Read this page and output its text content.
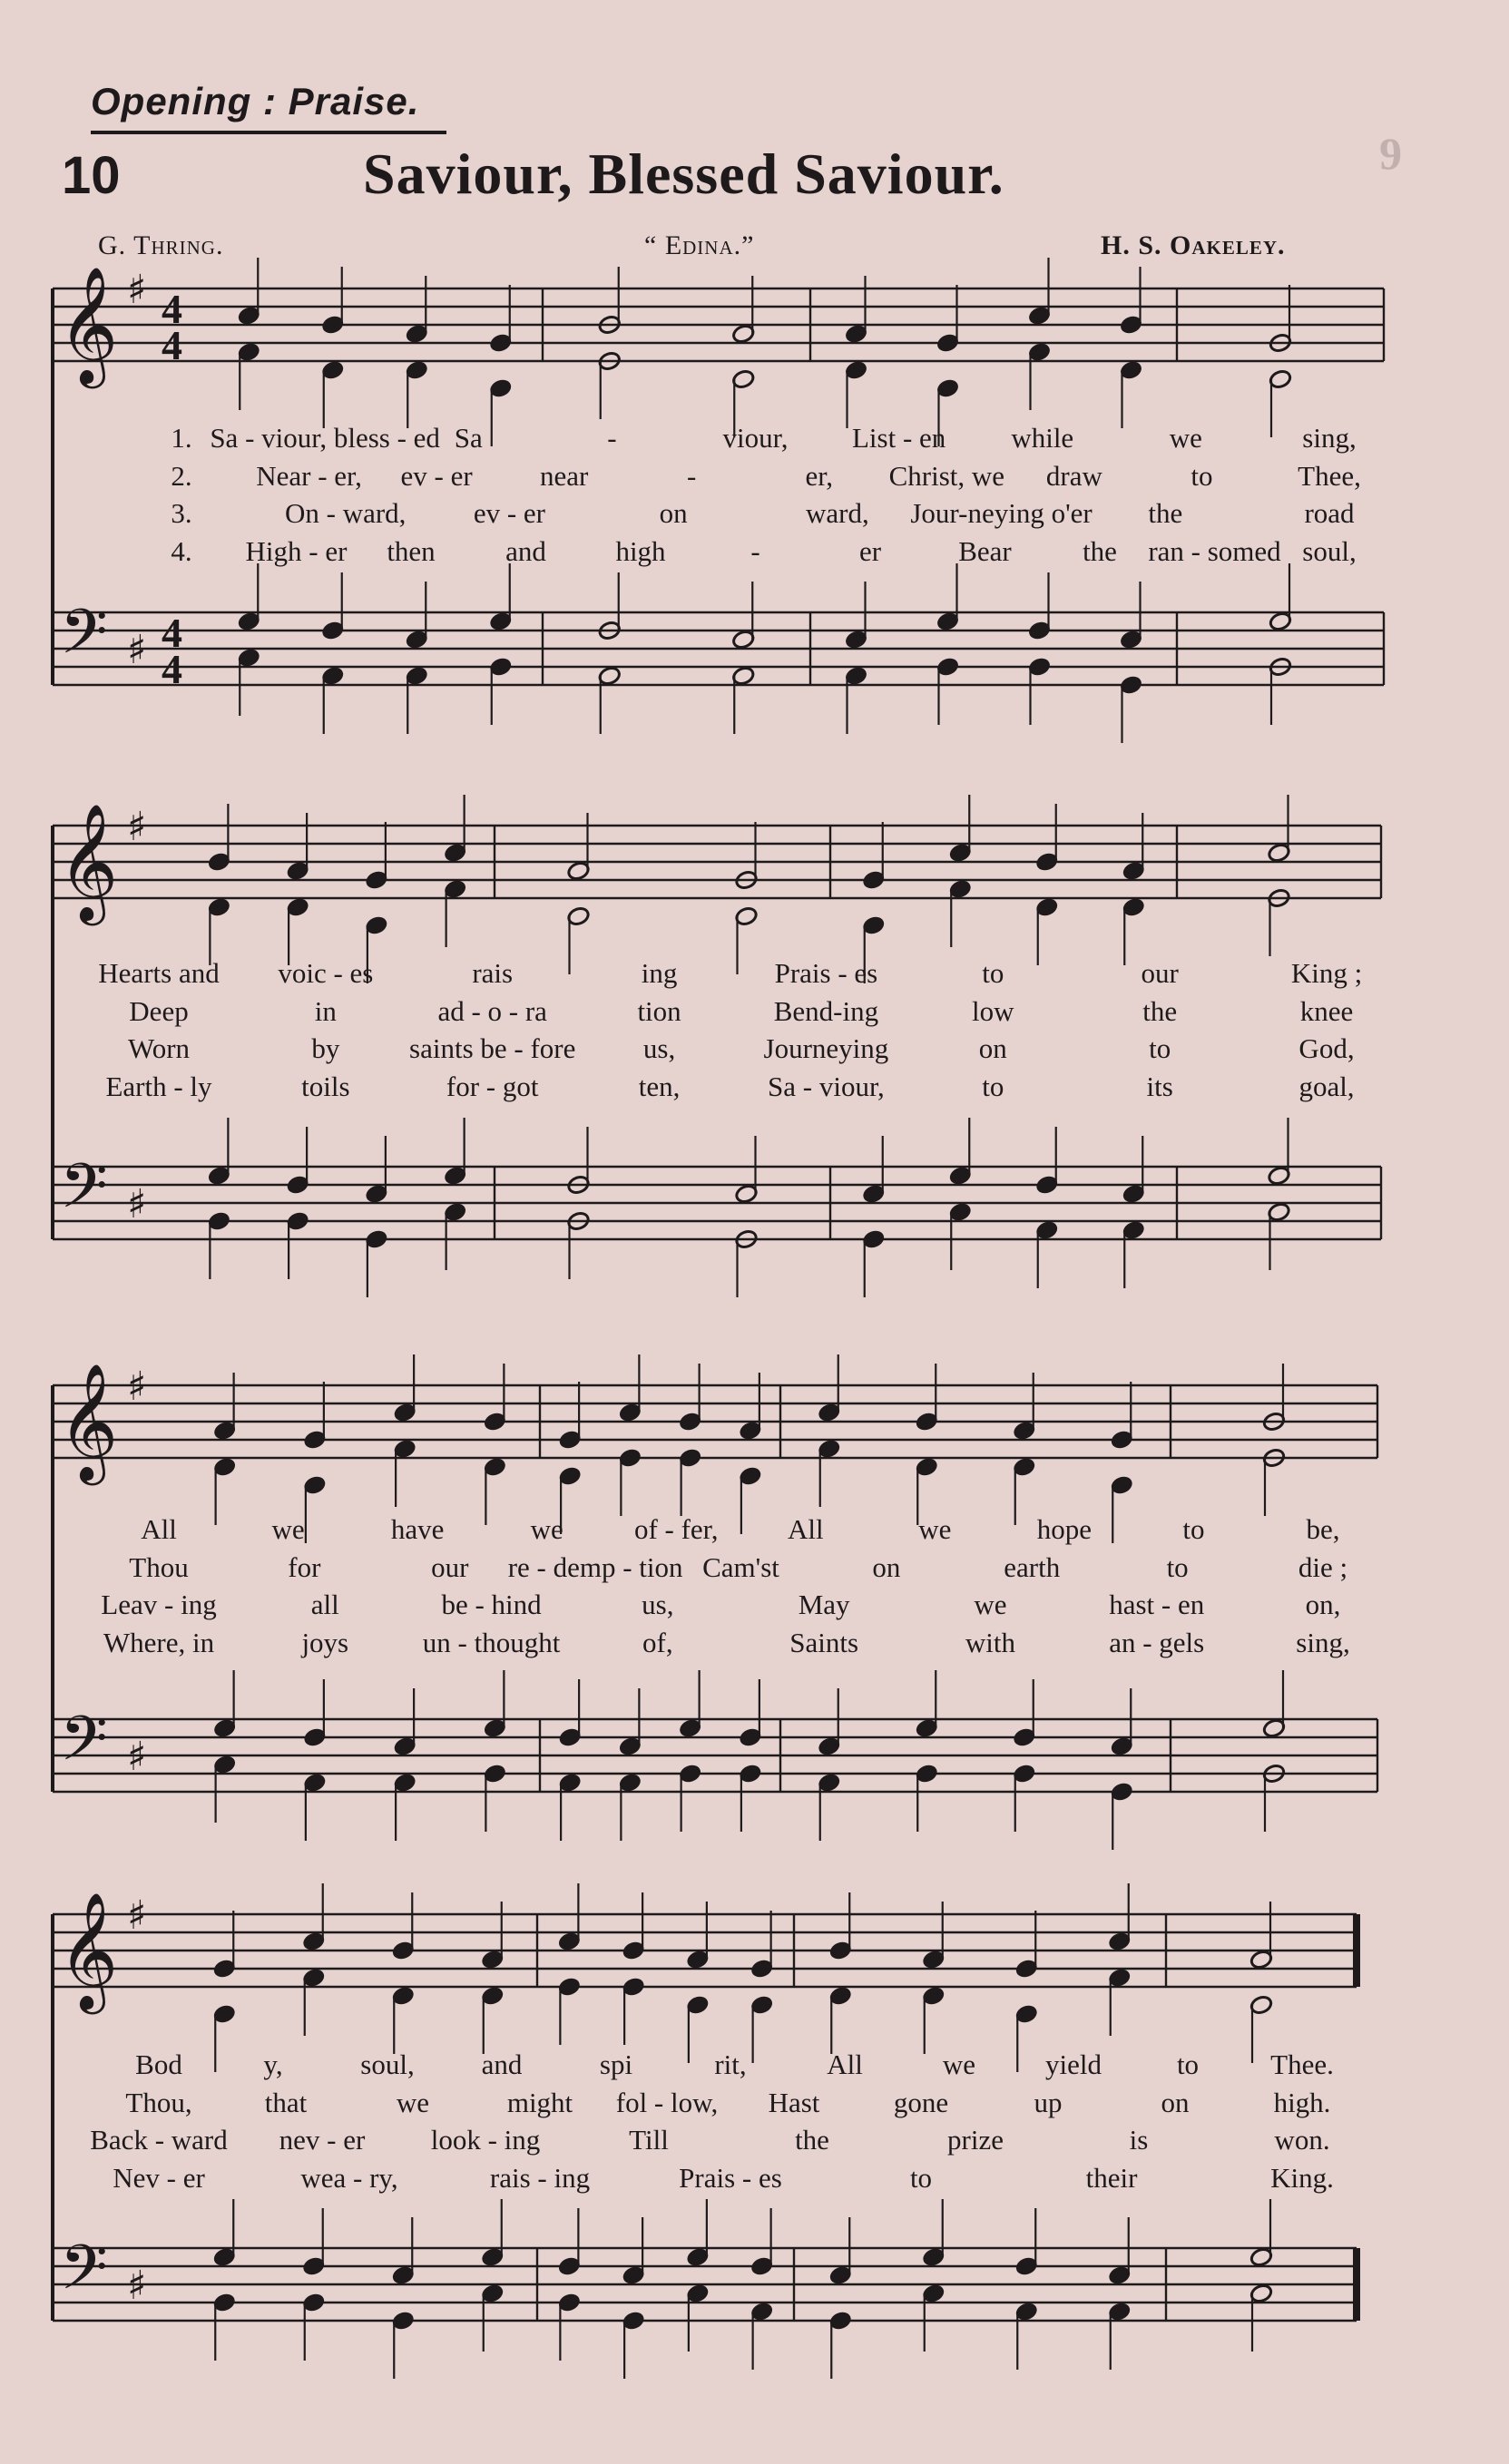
Opening : Praise.
9
10	Saviour, Blessed Saviour.
G. Thring.	“ Edina.”	H. S. Oakeley.
𝄞
𝄢
♯
♯
4
4
4
4
𝄞
𝄢
♯
♯
𝄞
𝄢
♯
♯
𝄞
𝄢
♯
♯
1. Sa - viour, bless - ed Sa	-	viour, List - en while	we	sing,
2. Near - er, ev - er near	-	er, Christ, we draw	to	Thee,
3.	On - ward, ev - er	on	ward, Jour-neying o'er the	road
4. High - er then and high	-	er	Bear	the ran - somed soul,
Hearts and voic - es	rais	ing	Prais - es	to	our	King ;
Deep	in	ad - o - ra	tion	Bend-ing	low	the	knee
Worn	by saints be - fore us,	Journeying	on	to	God,
Earth - ly	toils	for - got	ten,	Sa - viour,	to	its	goal,
All	we	have	we	of - fer, All	we	hope	to	be,
Thou	for	our re - demp - tion Cam'st	on	earth	to	die ;
Leav - ing	all	be - hind	us,	May	we	hast - en	on,
Where, in	joys	un - thought	of,	Saints	with	an - gels	sing,
Bod	y,	soul, and	spi	rit,	All	we yield	to	Thee.
Thou,	that	we	might fol - low, Hast	gone	up	on	high.
Back - ward nev - er look - ing	Till	the	prize	is	won.
Nev - er	wea - ry,	rais - ing	Prais - es	to	their	King.
